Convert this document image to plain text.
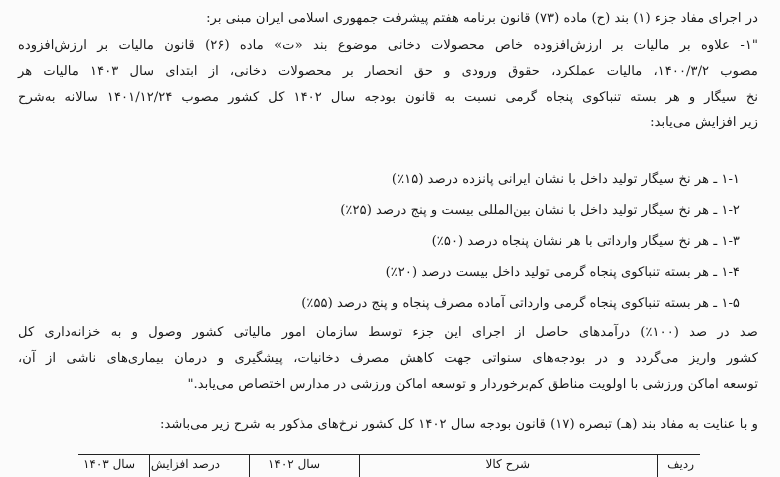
در اجرای مفاد جزء (۱) بند (ح) ماده (۷۳) قانون برنامه هفتم پیشرفت جمهوری اسلامی ایران مبنی بر:
"۱- علاوه بر مالیات بر ارزش‌افزوده خاص محصولات دخانی موضوع بند «ت» ماده (۲۶) قانون مالیات بر ارزش‌افزوده
مصوب ۱۴۰۰/۳/۲، مالیات عملکرد، حقوق ورودی و حق انحصار بر محصولات دخانی، از ابتدای سال ۱۴۰۳ مالیات هر
نخ سیگار و هر بسته تنباکوی پنجاه گرمی نسبت به قانون بودجه سال ۱۴۰۲ کل کشور مصوب ۱۴۰۱/۱۲/۲۴ سالانه به‌شرح
زیر افزایش می‌یابد:
۱-۱ ـ هر نخ سیگار تولید داخل با نشان ایرانی پانزده درصد (۱۵٪)
۱-۲ ـ هر نخ سیگار تولید داخل با نشان بین‌المللی بیست و پنج درصد (۲۵٪)
۱-۳ ـ هر نخ سیگار وارداتی با هر نشان پنجاه درصد (۵۰٪)
۱-۴ ـ هر بسته تنباکوی پنجاه گرمی تولید داخل بیست درصد (۲۰٪)
۱-۵ ـ هر بسته تنباکوی پنجاه گرمی وارداتی آماده مصرف پنجاه و پنج درصد (۵۵٪)
صد در صد (۱۰۰٪) درآمدهای حاصل از اجرای این جزء توسط سازمان امور مالیاتی کشور وصول و به خزانه‌داری کل
کشور واریز می‌گردد و در بودجه‌های سنواتی جهت کاهش مصرف دخانیات، پیشگیری و درمان بیماری‌های ناشی از آن،
توسعه اماکن ورزشی با اولویت مناطق کم‌برخوردار و توسعه اماکن ورزشی در مدارس اختصاص می‌یابد."
و با عنایت به مفاد بند (هـ) تبصره (۱۷) قانون بودجه سال ۱۴۰۲ کل کشور نرخ‌های مذکور به شرح زیر می‌باشد:
ردیف
شرح کالا
سال ۱۴۰۲
درصد افزایش
سال ۱۴۰۳
